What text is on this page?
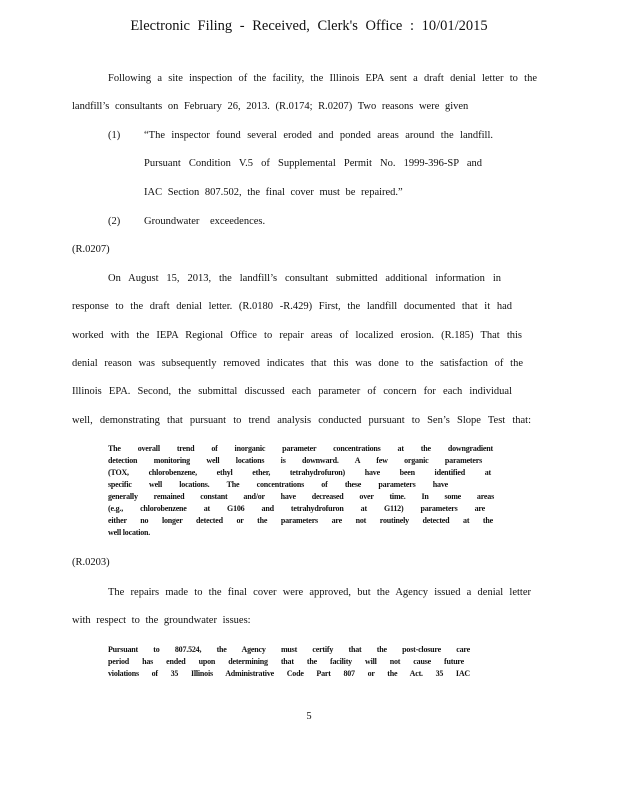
Electronic Filing - Received, Clerk's Office : 10/01/2015
Following a site inspection of the facility, the Illinois EPA sent a draft denial letter to the
landfill’s consultants on February 26, 2013. (R.0174; R.0207) Two reasons were given
(1) “The inspector found several eroded and ponded areas around the landfill.
Pursuant Condition V.5 of Supplemental Permit No. 1999-396-SP and
IAC Section 807.502, the final cover must be repaired.”
(2) Groundwater exceedences.
(R.0207)
On August 15, 2013, the landfill’s consultant submitted additional information in
response to the draft denial letter. (R.0180 -R.429) First, the landfill documented that it had
worked with the IEPA Regional Office to repair areas of localized erosion. (R.185) That this
denial reason was subsequently removed indicates that this was done to the satisfaction of the
Illinois EPA. Second, the submittal discussed each parameter of concern for each individual
well, demonstrating that pursuant to trend analysis conducted pursuant to Sen’s Slope Test that:
The overall trend of inorganic parameter concentrations at the downgradient
detection monitoring well locations is downward. A few organic parameters
(TOX, chlorobenzene, ethyl ether, tetrahydrofuron) have been identified at
specific well locations. The concentrations of these parameters have
generally remained constant and/or have decreased over time. In some areas
(e.g., chlorobenzene at G106 and tetrahydrofuron at G112) parameters are
either no longer detected or the parameters are not routinely detected at the
well location.
(R.0203)
The repairs made to the final cover were approved, but the Agency issued a denial letter
with respect to the groundwater issues:
Pursuant to 807.524, the Agency must certify that the post-closure care
period has ended upon determining that the facility will not cause future
violations of 35 Illinois Administrative Code Part 807 or the Act. 35 IAC
5
